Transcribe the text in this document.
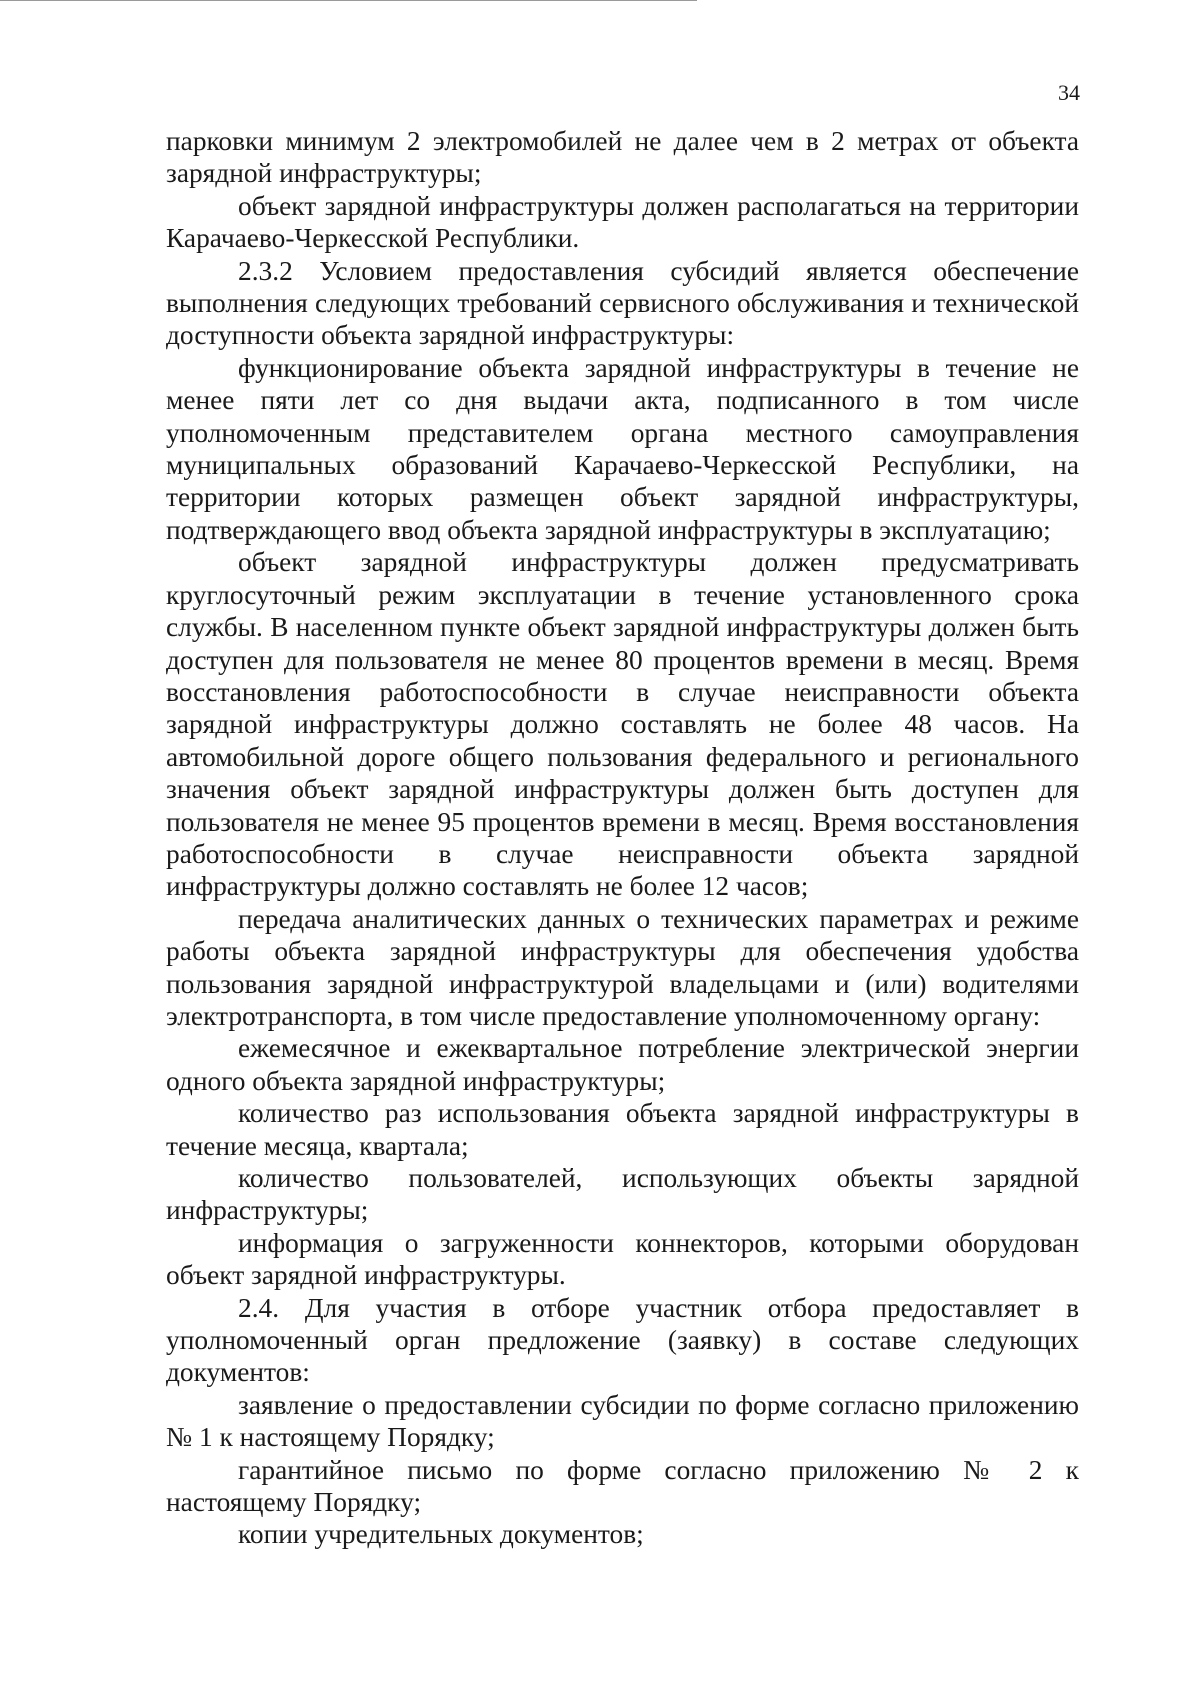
34

парковки минимум 2 электромобилей не далее чем в 2 метрах от объекта зарядной инфраструктуры;

объект зарядной инфраструктуры должен располагаться на территории Карачаево-Черкесской Республики.

2.3.2 Условием предоставления субсидий является обеспечение выполнения следующих требований сервисного обслуживания и технической доступности объекта зарядной инфраструктуры:

функционирование объекта зарядной инфраструктуры в течение не менее пяти лет со дня выдачи акта, подписанного в том числе уполномоченным представителем органа местного самоуправления муниципальных образований Карачаево-Черкесской Республики, на территории которых размещен объект зарядной инфраструктуры, подтверждающего ввод объекта зарядной инфраструктуры в эксплуатацию;

объект зарядной инфраструктуры должен предусматривать круглосуточный режим эксплуатации в течение установленного срока службы. В населенном пункте объект зарядной инфраструктуры должен быть доступен для пользователя не менее 80 процентов времени в месяц. Время восстановления работоспособности в случае неисправности объекта зарядной инфраструктуры должно составлять не более 48 часов. На автомобильной дороге общего пользования федерального и регионального значения объект зарядной инфраструктуры должен быть доступен для пользователя не менее 95 процентов времени в месяц. Время восстановления работоспособности в случае неисправности объекта зарядной инфраструктуры должно составлять не более 12 часов;

передача аналитических данных о технических параметрах и режиме работы объекта зарядной инфраструктуры для обеспечения удобства пользования зарядной инфраструктурой владельцами и (или) водителями электротранспорта, в том числе предоставление уполномоченному органу:

ежемесячное и ежеквартальное потребление электрической энергии одного объекта зарядной инфраструктуры;

количество раз использования объекта зарядной инфраструктуры в течение месяца, квартала;

количество пользователей, использующих объекты зарядной инфраструктуры;

информация о загруженности коннекторов, которыми оборудован объект зарядной инфраструктуры.

2.4. Для участия в отборе участник отбора предоставляет в уполномоченный орган предложение (заявку) в составе следующих документов:

заявление о предоставлении субсидии по форме согласно приложению № 1 к настоящему Порядку;

гарантийное письмо по форме согласно приложению № 2 к настоящему Порядку;

копии учредительных документов;
